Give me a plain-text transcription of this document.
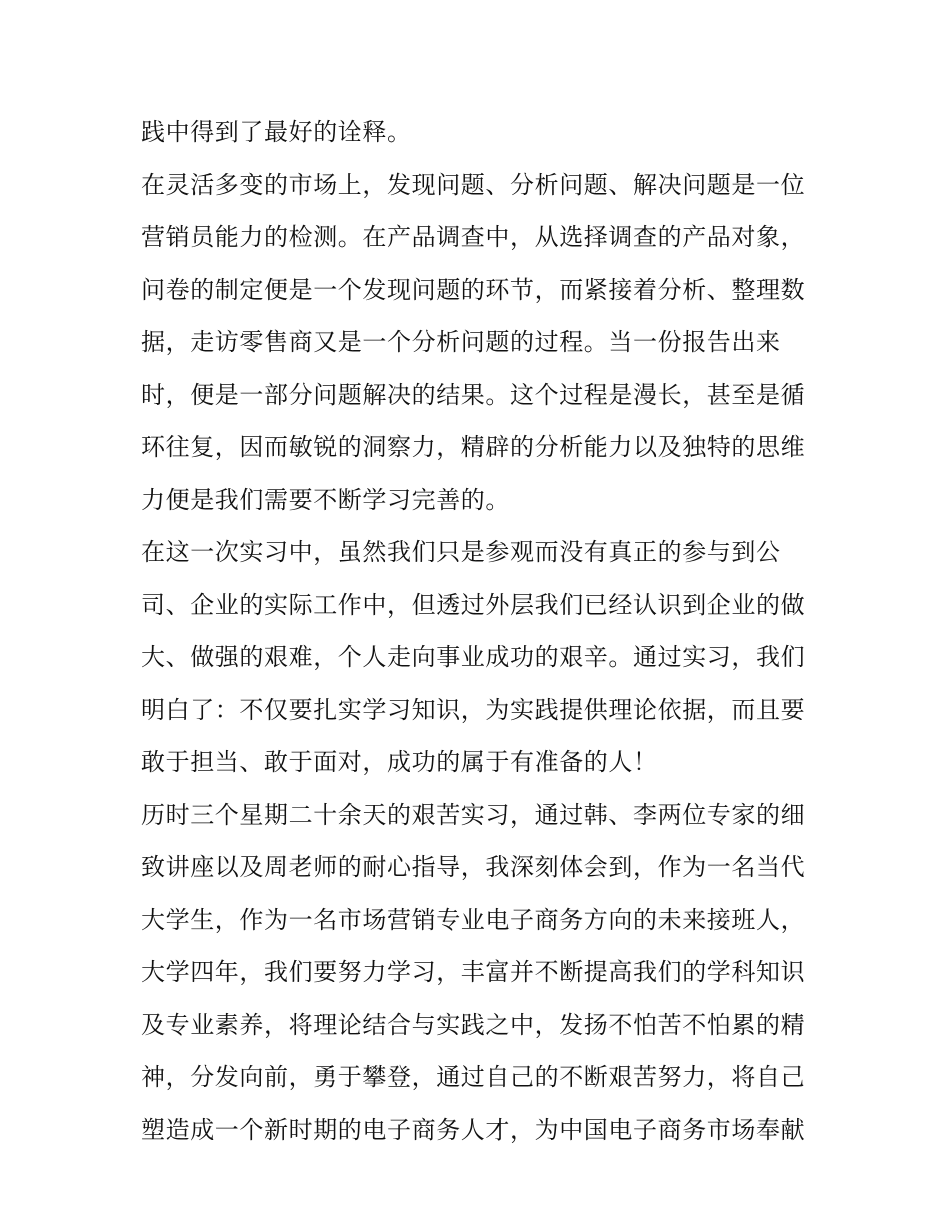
践中得到了最好的诠释。
在灵活多变的市场上，发现问题、分析问题、解决问题是一位
营销员能力的检测。在产品调查中，从选择调查的产品对象，
问卷的制定便是一个发现问题的环节，而紧接着分析、整理数
据，走访零售商又是一个分析问题的过程。当一份报告出来
时，便是一部分问题解决的结果。这个过程是漫长，甚至是循
环往复，因而敏锐的洞察力，精辟的分析能力以及独特的思维
力便是我们需要不断学习完善的。
在这一次实习中，虽然我们只是参观而没有真正的参与到公
司、企业的实际工作中，但透过外层我们已经认识到企业的做
大、做强的艰难，个人走向事业成功的艰辛。通过实习，我们
明白了：不仅要扎实学习知识，为实践提供理论依据，而且要
敢于担当、敢于面对，成功的属于有准备的人！
历时三个星期二十余天的艰苦实习，通过韩、李两位专家的细
致讲座以及周老师的耐心指导，我深刻体会到，作为一名当代
大学生，作为一名市场营销专业电子商务方向的未来接班人，
大学四年，我们要努力学习，丰富并不断提高我们的学科知识
及专业素养，将理论结合与实践之中，发扬不怕苦不怕累的精
神，分发向前，勇于攀登，通过自己的不断艰苦努力，将自己
塑造成一个新时期的电子商务人才，为中国电子商务市场奉献
